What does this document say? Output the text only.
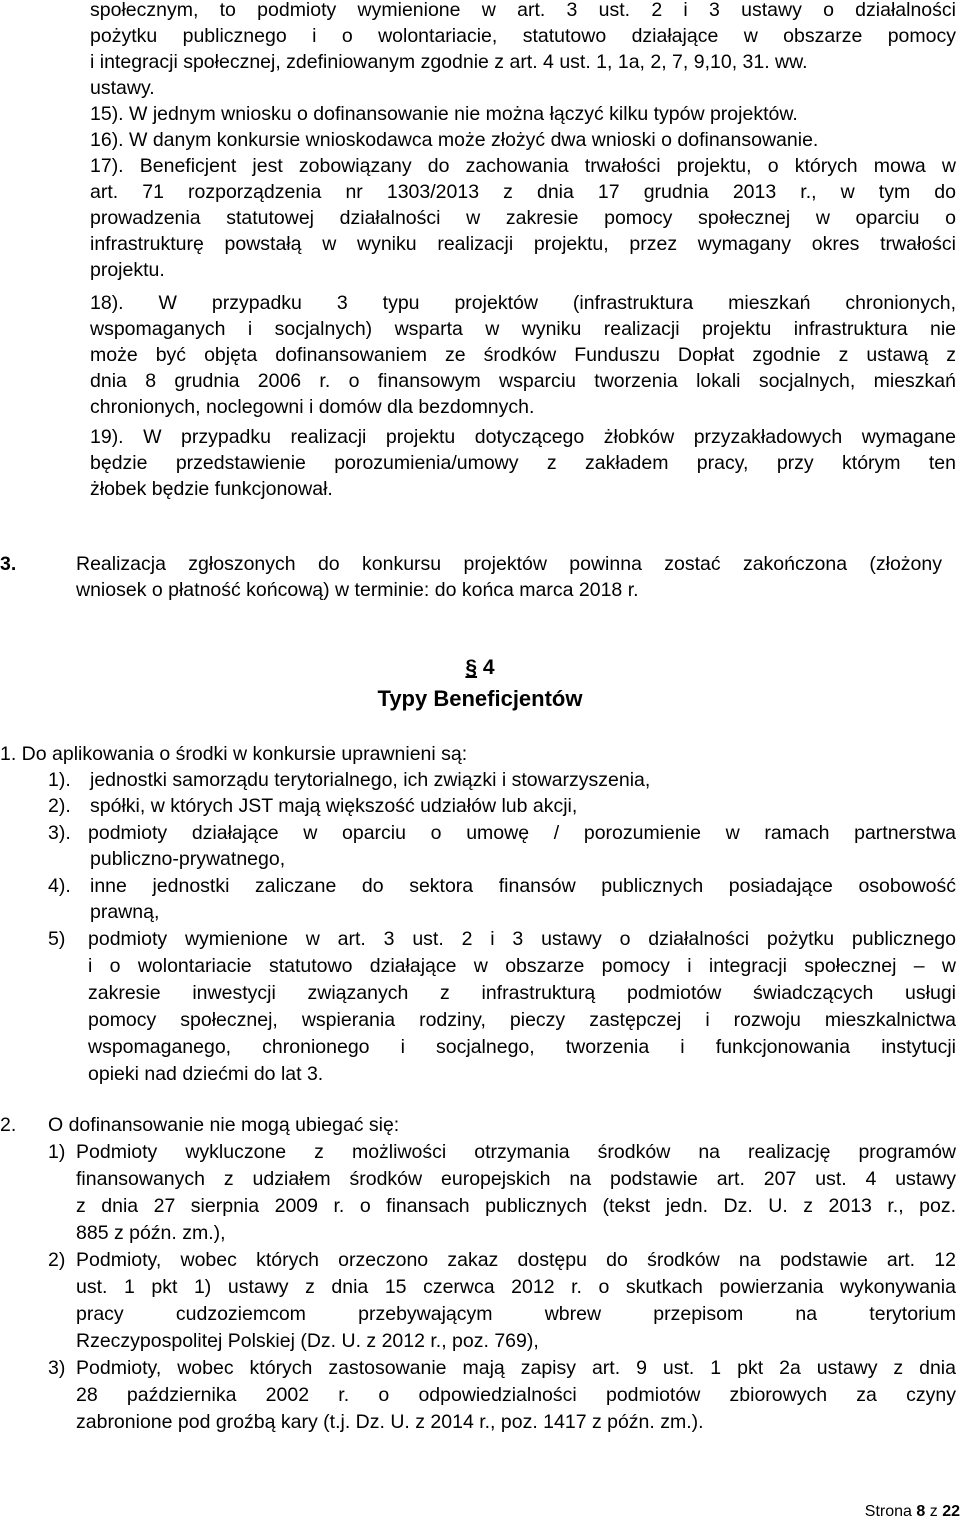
społecznym, to podmioty wymienione w art. 3 ust. 2 i 3 ustawy o działalności
pożytku publicznego i o wolontariacie, statutowo działające w obszarze pomocy
i integracji społecznej, zdefiniowanym zgodnie z art. 4 ust. 1, 1a, 2, 7, 9,10, 31. ww.
ustawy.
15). W jednym wniosku o dofinansowanie nie można łączyć kilku typów projektów.
16). W danym konkursie wnioskodawca może złożyć dwa wnioski o dofinansowanie.
17). Beneficjent jest zobowiązany do zachowania trwałości projektu, o których mowa w
art. 71 rozporządzenia nr 1303/2013 z dnia 17 grudnia 2013 r., w tym do
prowadzenia statutowej działalności w zakresie pomocy społecznej w oparciu o
infrastrukturę powstałą w wyniku realizacji projektu, przez wymagany okres trwałości
projektu.
18). W przypadku 3 typu projektów (infrastruktura mieszkań chronionych,
wspomaganych i socjalnych) wsparta w wyniku realizacji projektu infrastruktura nie
może być objęta dofinansowaniem ze środków Funduszu Dopłat zgodnie z ustawą z
dnia 8 grudnia 2006 r. o finansowym wsparciu tworzenia lokali socjalnych, mieszkań
chronionych, noclegowni i domów dla bezdomnych.
19). W przypadku realizacji projektu dotyczącego żłobków przyzakładowych wymagane
będzie przedstawienie porozumienia/umowy z zakładem pracy, przy którym ten
żłobek będzie funkcjonował.
3.	Realizacja zgłoszonych do konkursu projektów powinna zostać zakończona (złożony
wniosek o płatność końcową) w terminie: do końca marca 2018 r.
§ 4
Typy Beneficjentów
1. Do aplikowania o środki w konkursie uprawnieni są:
1). jednostki samorządu terytorialnego, ich związki i stowarzyszenia,
2). spółki, w których JST mają większość udziałów lub akcji,
3). podmioty działające w oparciu o umowę / porozumienie w ramach partnerstwa
publiczno-prywatnego,
4). inne jednostki zaliczane do sektora finansów publicznych posiadające osobowość
prawną,
5) podmioty wymienione w art. 3 ust. 2 i 3 ustawy o działalności pożytku publicznego
i o wolontariacie statutowo działające w obszarze pomocy i integracji społecznej – w
zakresie inwestycji związanych z infrastrukturą podmiotów świadczących usługi
pomocy społecznej, wspierania rodziny, pieczy zastępczej i rozwoju mieszkalnictwa
wspomaganego, chronionego i socjalnego, tworzenia i funkcjonowania instytucji
opieki nad dziećmi do lat 3.
2. O dofinansowanie nie mogą ubiegać się:
1) Podmioty wykluczone z możliwości otrzymania środków na realizację programów
finansowanych z udziałem środków europejskich na podstawie art. 207 ust. 4 ustawy
z dnia 27 sierpnia 2009 r. o finansach publicznych (tekst jedn. Dz. U. z 2013 r., poz.
885 z późn. zm.),
2) Podmioty, wobec których orzeczono zakaz dostępu do środków na podstawie art. 12
ust. 1 pkt 1) ustawy z dnia 15 czerwca 2012 r. o skutkach powierzania wykonywania
pracy cudzoziemcom przebywającym wbrew przepisom na terytorium
Rzeczypospolitej Polskiej (Dz. U. z 2012 r., poz. 769),
3) Podmioty, wobec których zastosowanie mają zapisy art. 9 ust. 1 pkt 2a ustawy z dnia
28 października 2002 r. o odpowiedzialności podmiotów zbiorowych za czyny
zabronione pod groźbą kary (t.j. Dz. U. z 2014 r., poz. 1417 z późn. zm.).
Strona 8 z 22
